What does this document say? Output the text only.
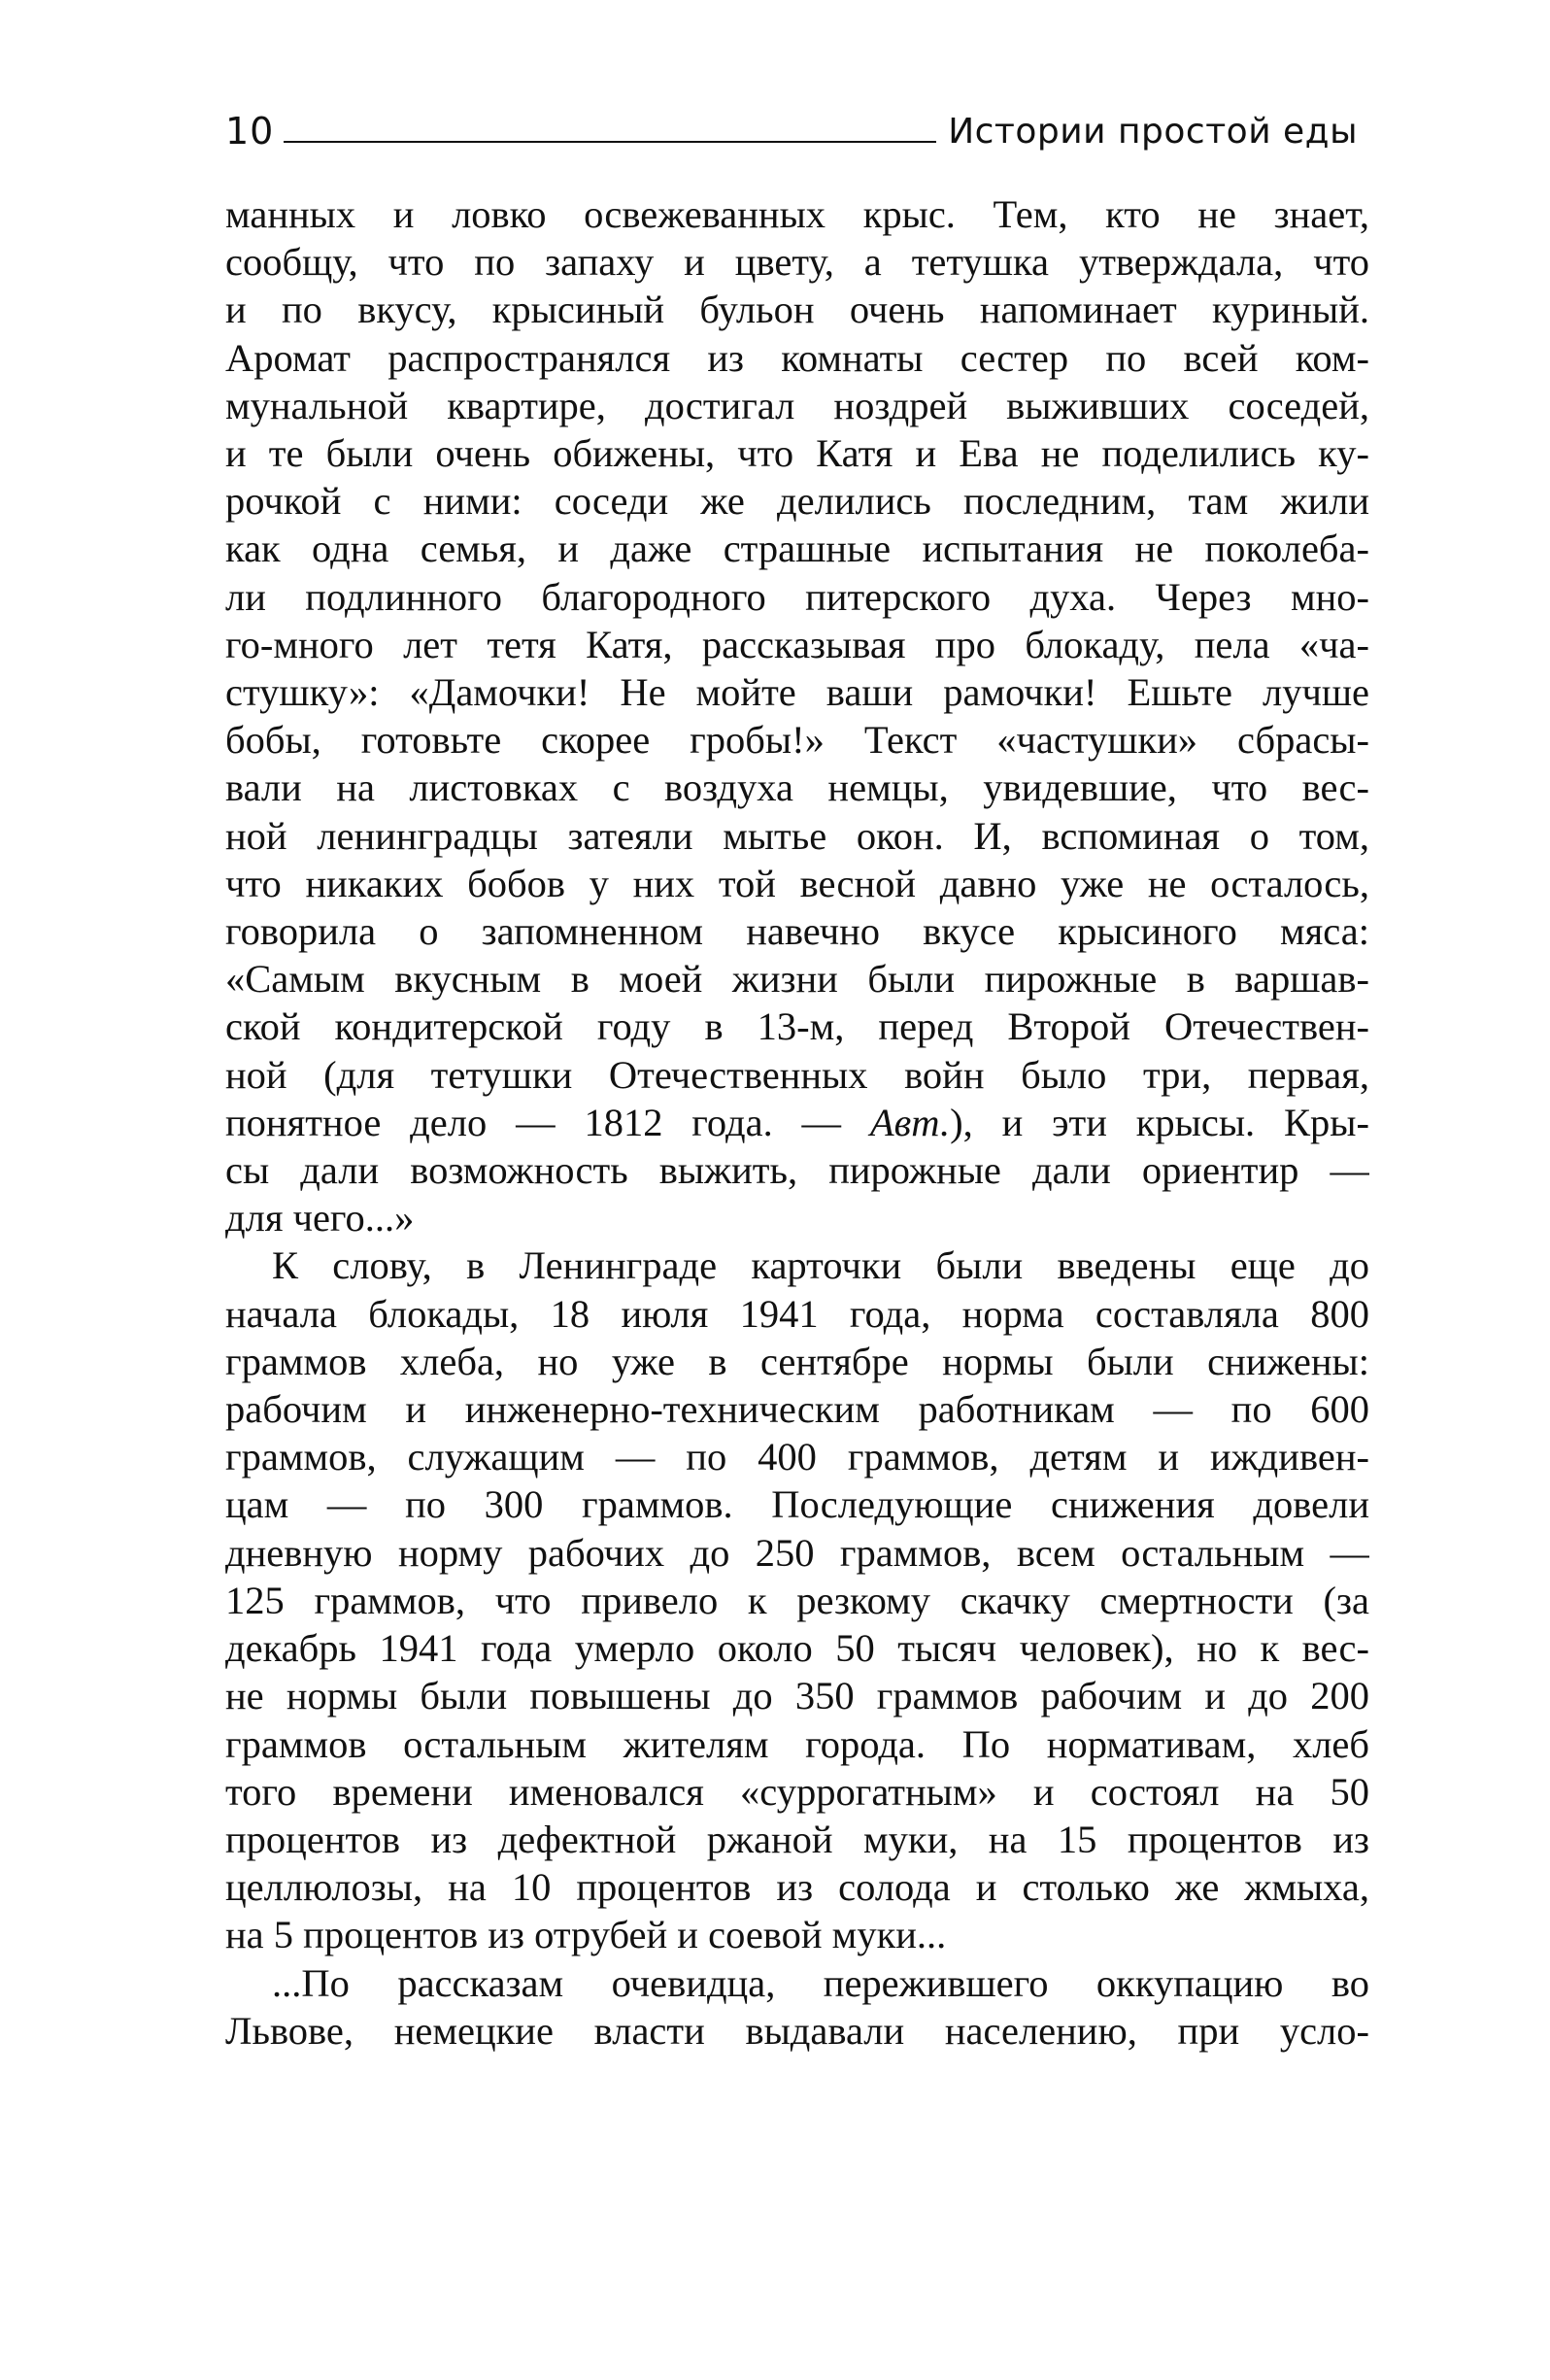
10	Истории простой еды

манных и ловко освежеванных крыс. Тем, кто не знает,
сообщу, что по запаху и цвету, а тетушка утверждала, что
и по вкусу, крысиный бульон очень напоминает куриный.
Аромат распространялся из комнаты сестер по всей ком-
мунальной квартире, достигал ноздрей выживших соседей,
и те были очень обижены, что Катя и Ева не поделились ку-
рочкой с ними: соседи же делились последним, там жили
как одна семья, и даже страшные испытания не поколеба-
ли подлинного благородного питерского духа. Через мно-
го-много лет тетя Катя, рассказывая про блокаду, пела «ча-
стушку»: «Дамочки! Не мойте ваши рамочки! Ешьте лучше
бобы, готовьте скорее гробы!» Текст «частушки» сбрасы-
вали на листовках с воздуха немцы, увидевшие, что вес-
ной ленинградцы затеяли мытье окон. И, вспоминая о том,
что никаких бобов у них той весной давно уже не осталось,
говорила о запомненном навечно вкусе крысиного мяса:
«Самым вкусным в моей жизни были пирожные в варшав-
ской кондитерской году в 13-м, перед Второй Отечествен-
ной (для тетушки Отечественных войн было три, первая,
понятное дело — 1812 года. — Авт.), и эти крысы. Кры-
сы дали возможность выжить, пирожные дали ориентир —
для чего...»

К слову, в Ленинграде карточки были введены еще до
начала блокады, 18 июля 1941 года, норма составляла 800
граммов хлеба, но уже в сентябре нормы были снижены:
рабочим и инженерно-техническим работникам — по 600
граммов, служащим — по 400 граммов, детям и иждивен-
цам — по 300 граммов. Последующие снижения довели
дневную норму рабочих до 250 граммов, всем остальным —
125 граммов, что привело к резкому скачку смертности (за
декабрь 1941 года умерло около 50 тысяч человек), но к вес-
не нормы были повышены до 350 граммов рабочим и до 200
граммов остальным жителям города. По нормативам, хлеб
того времени именовался «суррогатным» и состоял на 50
процентов из дефектной ржаной муки, на 15 процентов из
целлюлозы, на 10 процентов из солода и столько же жмыха,
на 5 процентов из отрубей и соевой муки...

...По рассказам очевидца, пережившего оккупацию во
Львове, немецкие власти выдавали населению, при усло-
